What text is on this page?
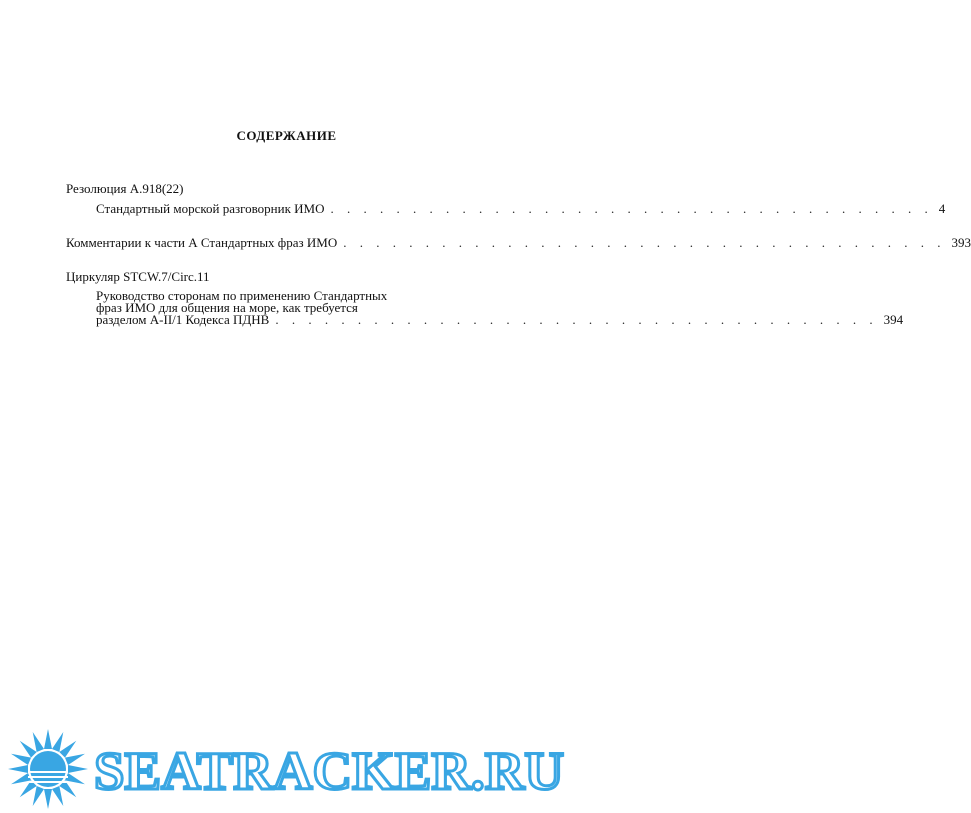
СОДЕРЖАНИЕ
Резолюция A.918(22)
Стандартный морской разговорник ИМО . . . . . . . . . . . . . . . . . . . . . . . . . . . . . . . . . . . . . 4
Комментарии к части А Стандартных фраз ИМО . . . . . . . . . . . . . . . . . . . . . . . . . . . . . . . . . . . . . 393
Циркуляр STCW.7/Circ.11
Руководство сторонам по применению Стандартных
фраз ИМО для общения на море, как требуется
разделом A-II/1 Кодекса ПДНВ . . . . . . . . . . . . . . . . . . . . . . . . . . . . . . . . . . . . . 394
SEATRACKER.RU
